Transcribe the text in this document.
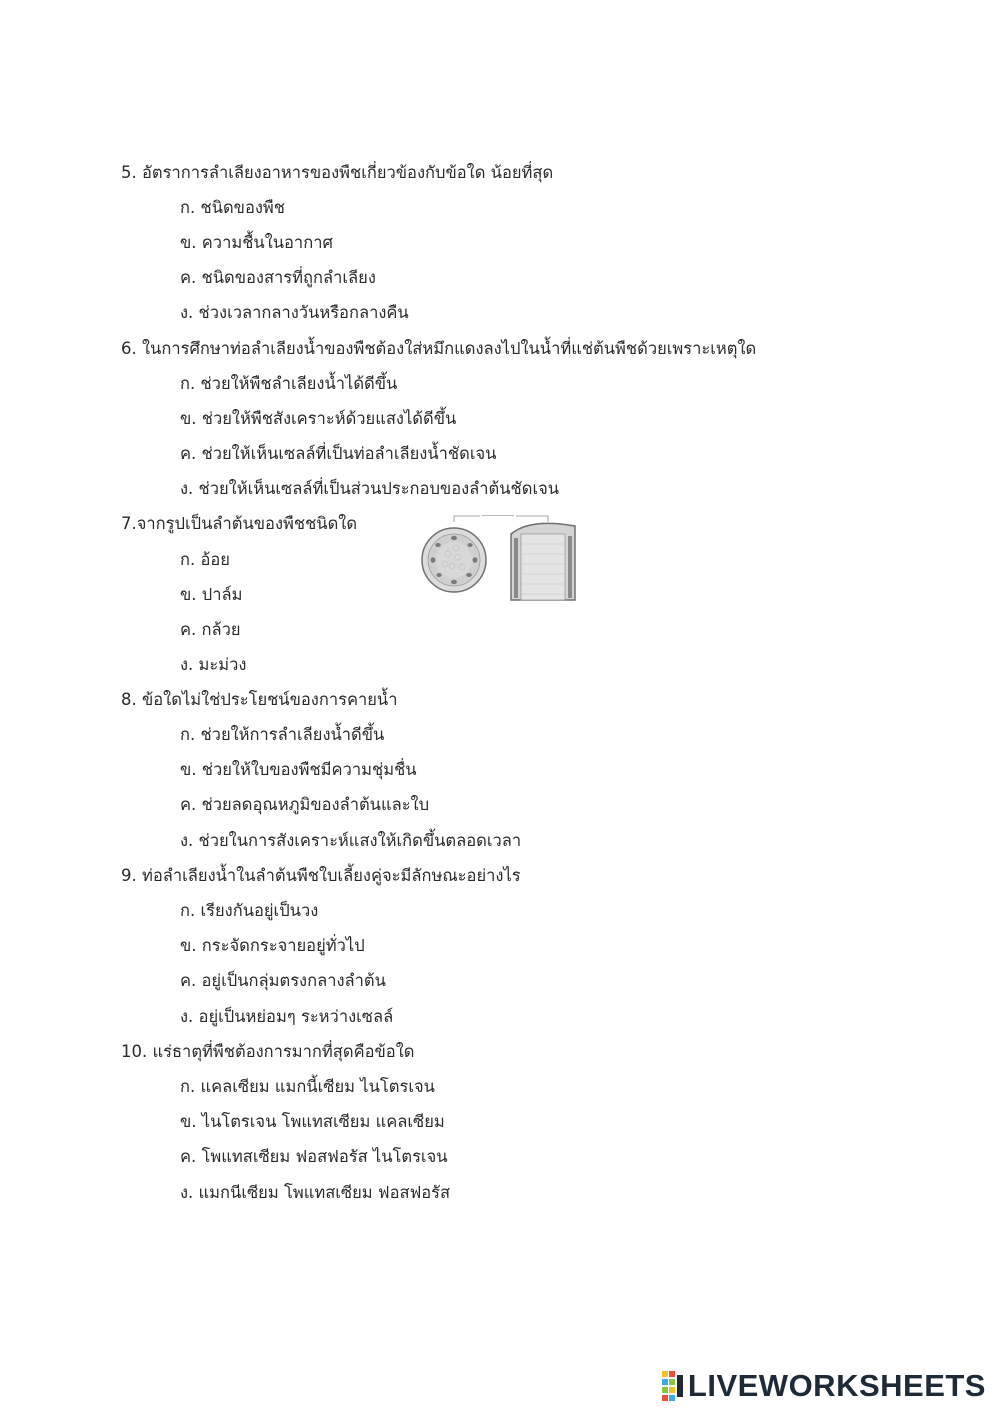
5. อัตราการลำเลียงอาหารของพืชเกี่ยวข้องกับข้อใด น้อยที่สุด
ก. ชนิดของพืช
ข. ความชื้นในอากาศ
ค. ชนิดของสารที่ถูกลำเลียง
ง. ช่วงเวลากลางวันหรือกลางคืน
6. ในการศึกษาท่อลำเลียงน้ำของพืชต้องใส่หมึกแดงลงไปในน้ำที่แช่ต้นพืชด้วยเพราะเหตุใด
ก. ช่วยให้พืชลำเลียงน้ำได้ดีขึ้น
ข. ช่วยให้พืชสังเคราะห์ด้วยแสงได้ดีขึ้น
ค. ช่วยให้เห็นเซลล์ที่เป็นท่อลำเลียงน้ำชัดเจน
ง. ช่วยให้เห็นเซลล์ที่เป็นส่วนประกอบของลำต้นชัดเจน
7.จากรูปเป็นลำต้นของพืชชนิดใด
ก. อ้อย
ข. ปาล์ม
ค. กล้วย
ง. มะม่วง
8. ข้อใดไม่ใช่ประโยชน์ของการคายน้ำ
ก. ช่วยให้การลำเลียงน้ำดีขึ้น
ข. ช่วยให้ใบของพืชมีความชุ่มชื่น
ค. ช่วยลดอุณหภูมิของลำต้นและใบ
ง. ช่วยในการสังเคราะห์แสงให้เกิดขึ้นตลอดเวลา
9. ท่อลำเลียงน้ำในลำต้นพืชใบเลี้ยงคู่จะมีลักษณะอย่างไร
ก. เรียงกันอยู่เป็นวง
ข. กระจัดกระจายอยู่ทั่วไป
ค. อยู่เป็นกลุ่มตรงกลางลำต้น
ง. อยู่เป็นหย่อมๆ ระหว่างเซลล์
10. แร่ธาตุที่พืชต้องการมากที่สุดคือข้อใด
ก. แคลเซียม แมกนี้เซียม ไนโตรเจน
ข. ไนโตรเจน โพแทสเซียม แคลเซียม
ค. โพแทสเซียม ฟอสฟอรัส ไนโตรเจน
ง. แมกนีเซียม โพแทสเซียม ฟอสฟอรัส
LIVEWORKSHEETS
